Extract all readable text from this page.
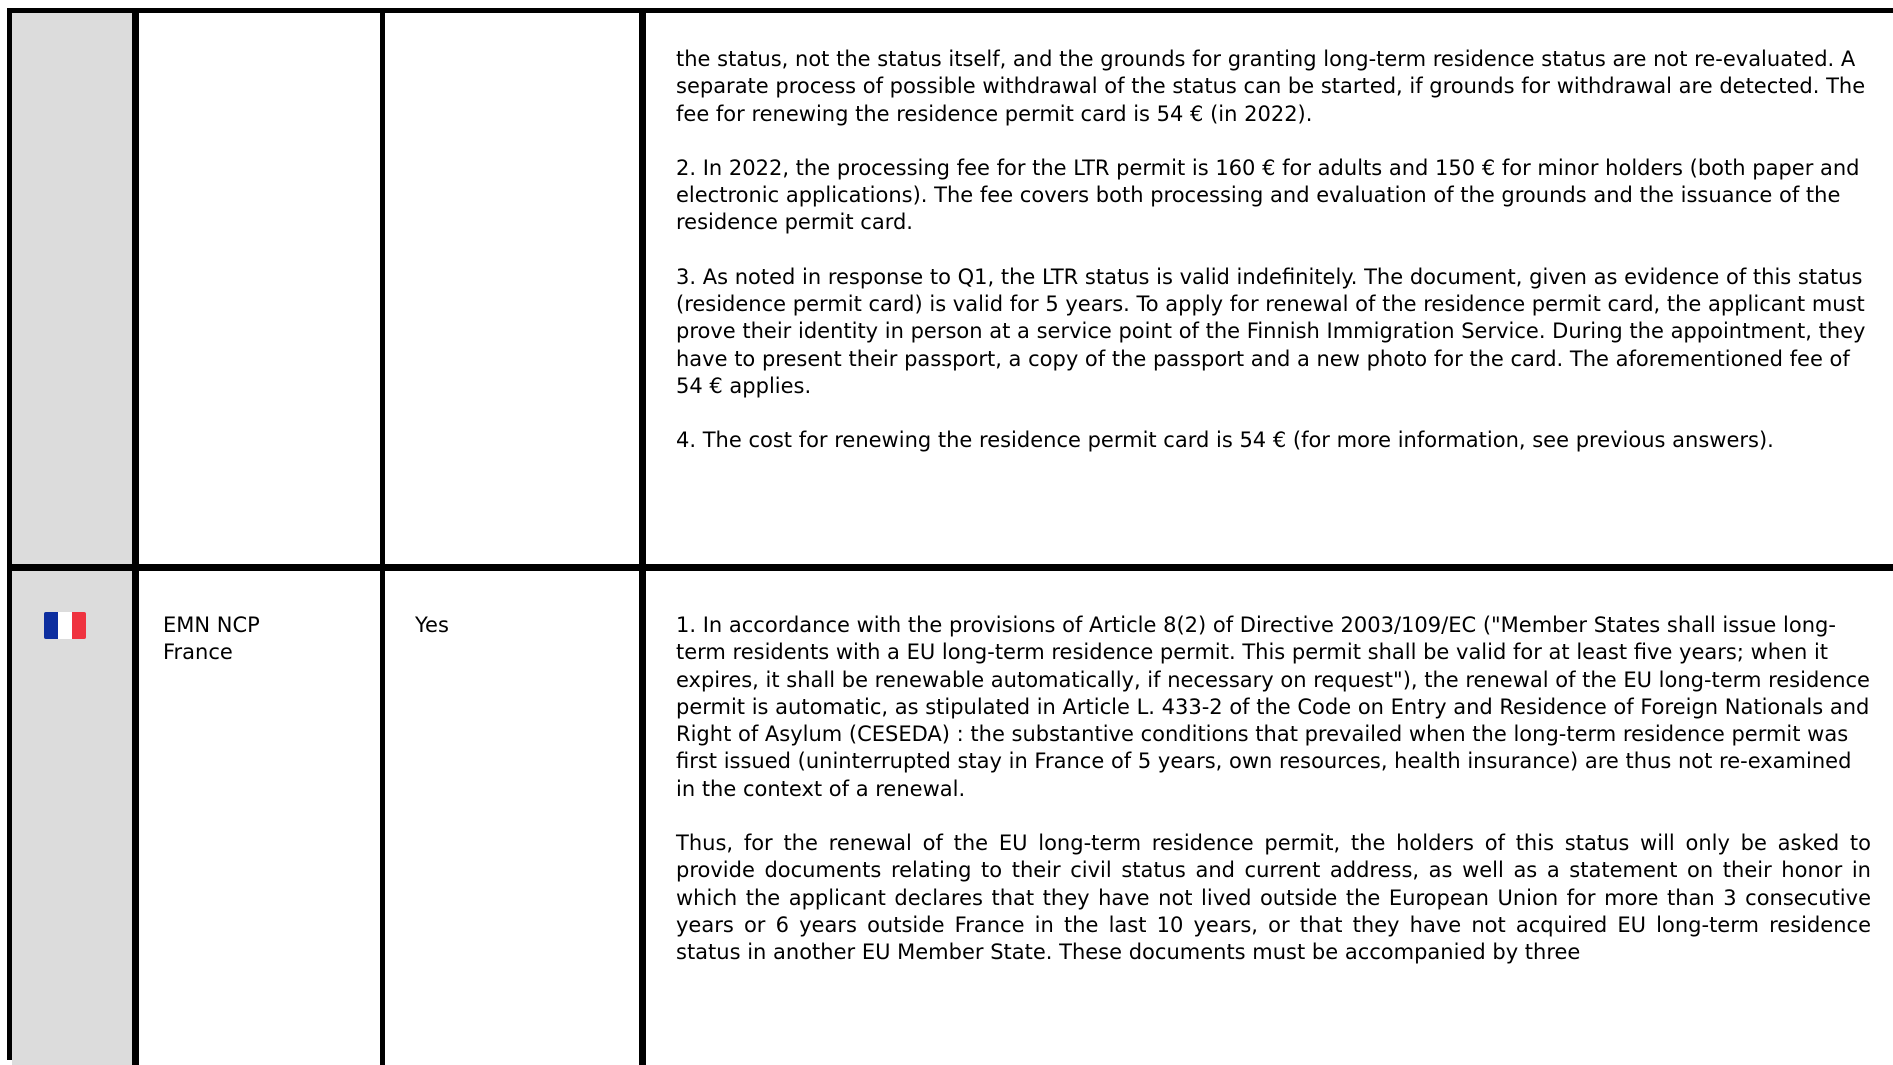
the status, not the status itself, and the grounds for granting long-term residence status are not re-evaluated. A separate process of possible withdrawal of the status can be started, if grounds for withdrawal are detected. The fee for renewing the residence permit card is 54 € (in 2022).

2. In 2022, the processing fee for the LTR permit is 160 € for adults and 150 € for minor holders (both paper and electronic applications). The fee covers both processing and evaluation of the grounds and the issuance of the residence permit card.

3. As noted in response to Q1, the LTR status is valid indefinitely. The document, given as evidence of this status (residence permit card) is valid for 5 years. To apply for renewal of the residence permit card, the applicant must prove their identity in person at a service point of the Finnish Immigration Service. During the appointment, they have to present their passport, a copy of the passport and a new photo for the card. The aforementioned fee of 54 € applies.

4. The cost for renewing the residence permit card is 54 € (for more information, see previous answers).

EMN NCP
France
Yes	1. In accordance with the provisions of Article 8(2) of Directive 2003/109/EC ("Member States shall issue long-term residents with a EU long-term residence permit. This permit shall be valid for at least five years; when it expires, it shall be renewable automatically, if necessary on request"), the renewal of the EU long-term residence permit is automatic, as stipulated in Article L. 433-2 of the Code on Entry and Residence of Foreign Nationals and Right of Asylum (CESEDA) : the substantive conditions that prevailed when the long-term residence permit was first issued (uninterrupted stay in France of 5 years, own resources, health insurance) are thus not re-examined in the context of a renewal.

Thus, for the renewal of the EU long-term residence permit, the holders of this status will only be asked to provide documents relating to their civil status and current address, as well as a statement on their honor in which the applicant declares that they have not lived outside the European Union for more than 3 consecutive years or 6 years outside France in the last 10 years, or that they have not acquired EU long-term residence status in another EU Member State. These documents must be accompanied by three
